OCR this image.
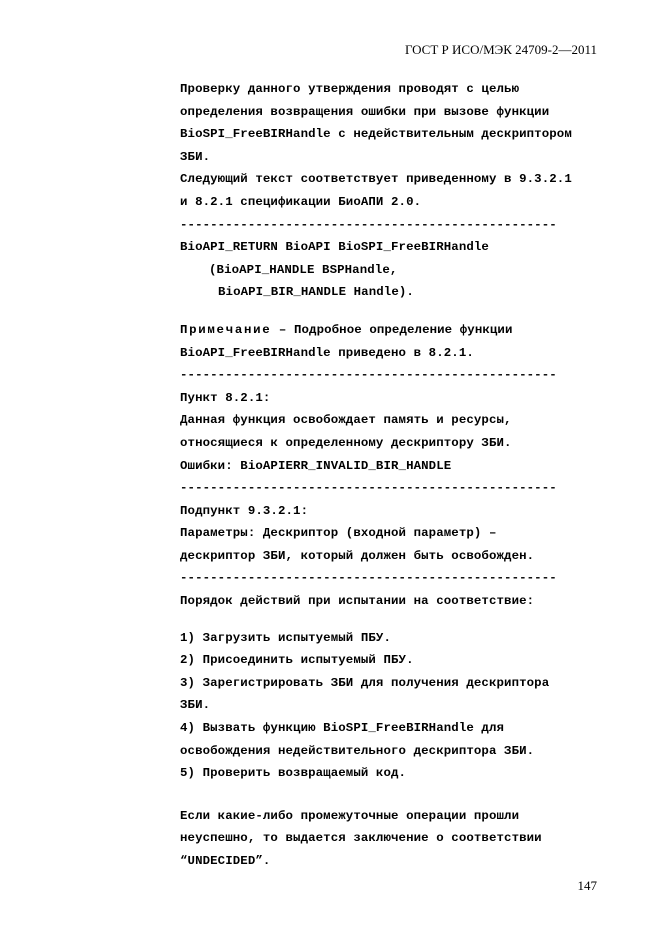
ГОСТ Р ИСО/МЭК 24709-2—2011
Проверку данного утверждения проводят с целью
определения возвращения ошибки при вызове функции
BioSPI_FreeBIRHandle с недействительным дескриптором
ЗБИ.
Следующий текст соответствует приведенному в 9.3.2.1
и 8.2.1 спецификации БиоАПИ 2.0.
--------------------------------------------------
BioAPI_RETURN BioAPI BioSPI_FreeBIRHandle
(BioAPI_HANDLE BSPHandle,
BioAPI_BIR_HANDLE Handle).
Примечание – Подробное определение функции
BioAPI_FreeBIRHandle приведено в 8.2.1.
--------------------------------------------------
Пункт 8.2.1:
Данная функция освобождает память и ресурсы,
относящиеся к определенному дескриптору ЗБИ.
Ошибки: BioAPIERR_INVALID_BIR_HANDLE
--------------------------------------------------
Подпункт 9.3.2.1:
Параметры: Дескриптор (входной параметр) –
дескриптор ЗБИ, который должен быть освобожден.
--------------------------------------------------
Порядок действий при испытании на соответствие:
1) Загрузить испытуемый ПБУ.
2) Присоединить испытуемый ПБУ.
3) Зарегистрировать ЗБИ для получения дескриптора
ЗБИ.
4) Вызвать функцию BioSPI_FreeBIRHandle для
освобождения недействительного дескриптора ЗБИ.
5) Проверить возвращаемый код.
Если какие-либо промежуточные операции прошли
неуспешно, то выдается заключение о соответствии
“UNDECIDED”.
147
